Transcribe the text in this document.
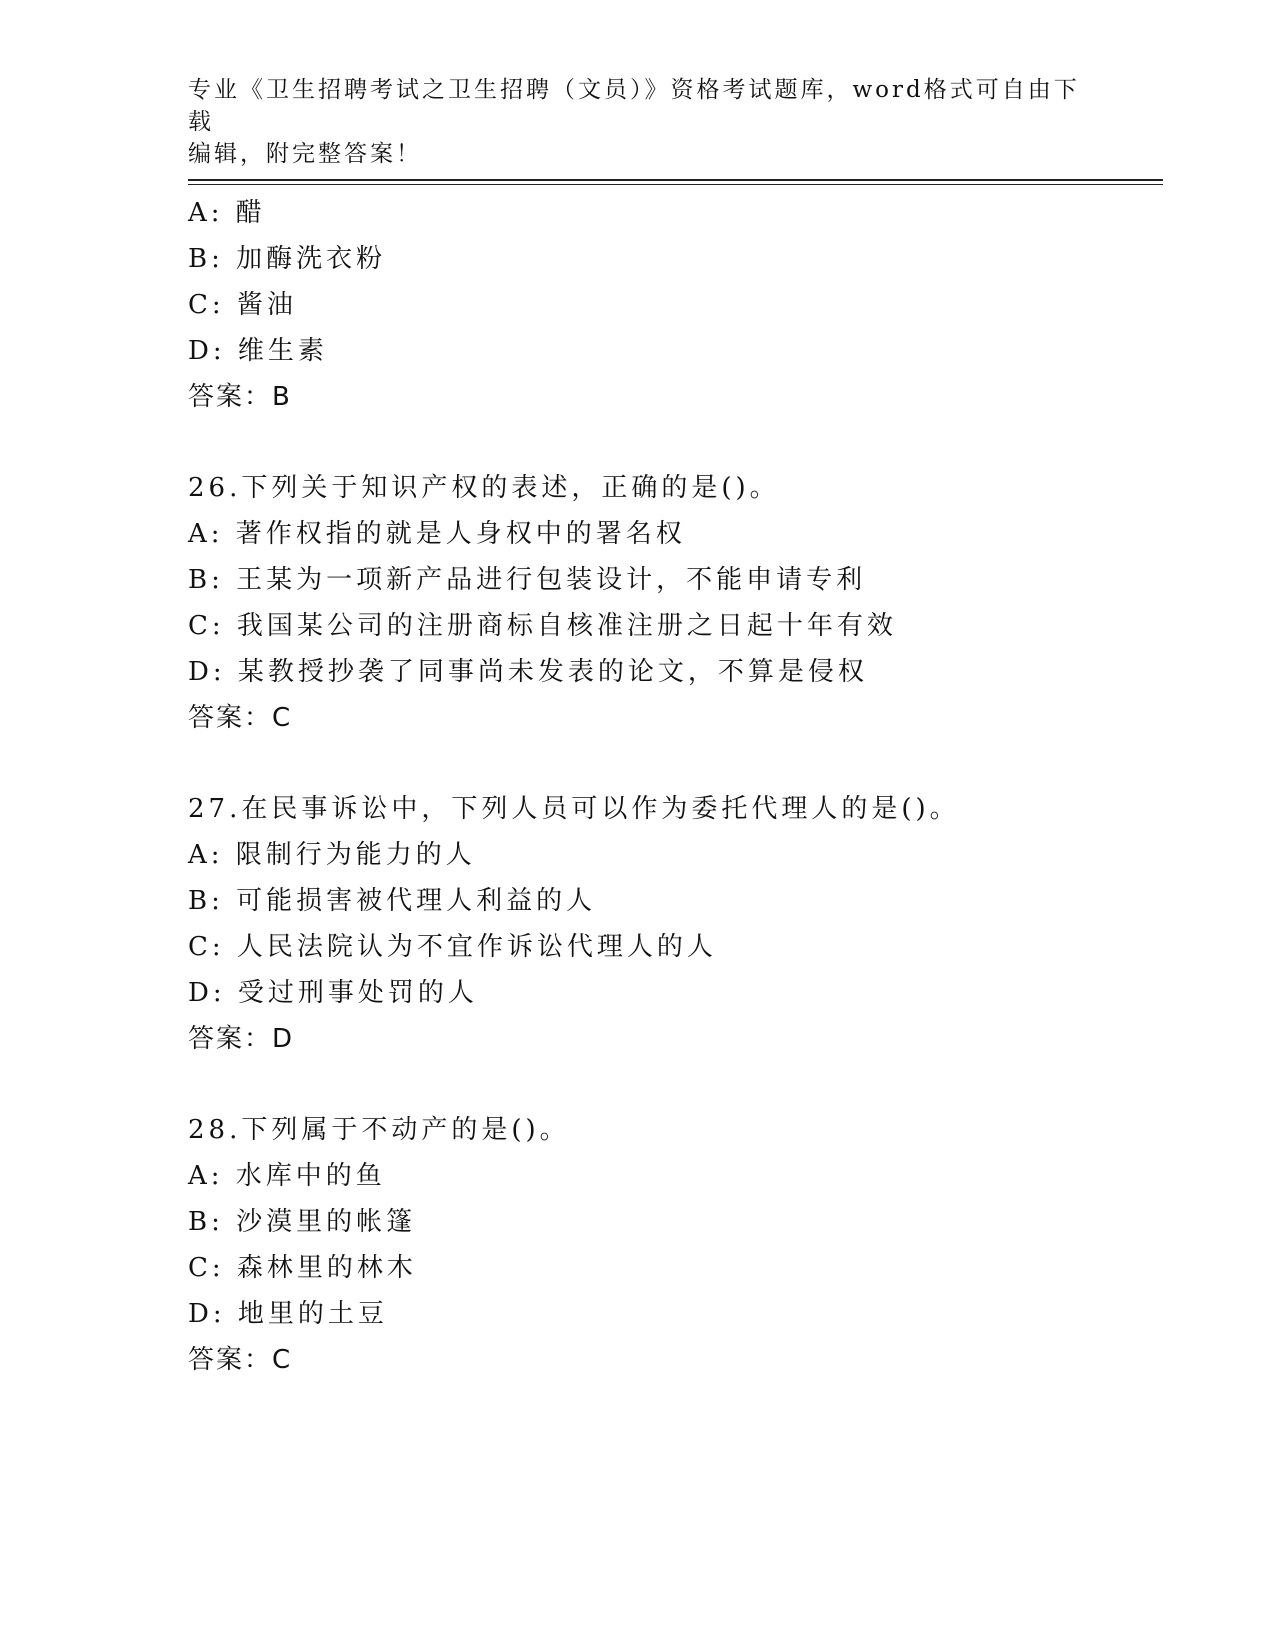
专业《卫生招聘考试之卫生招聘（文员）》资格考试题库，word格式可自由下载
编辑，附完整答案！
A: 醋
B: 加酶洗衣粉
C: 酱油
D: 维生素
答案：B
26.下列关于知识产权的表述，正确的是()。
A: 著作权指的就是人身权中的署名权
B: 王某为一项新产品进行包装设计，不能申请专利
C: 我国某公司的注册商标自核准注册之日起十年有效
D: 某教授抄袭了同事尚未发表的论文，不算是侵权
答案：C
27.在民事诉讼中，下列人员可以作为委托代理人的是()。
A: 限制行为能力的人
B: 可能损害被代理人利益的人
C: 人民法院认为不宜作诉讼代理人的人
D: 受过刑事处罚的人
答案：D
28.下列属于不动产的是()。
A: 水库中的鱼
B: 沙漠里的帐篷
C: 森林里的林木
D: 地里的土豆
答案：C
